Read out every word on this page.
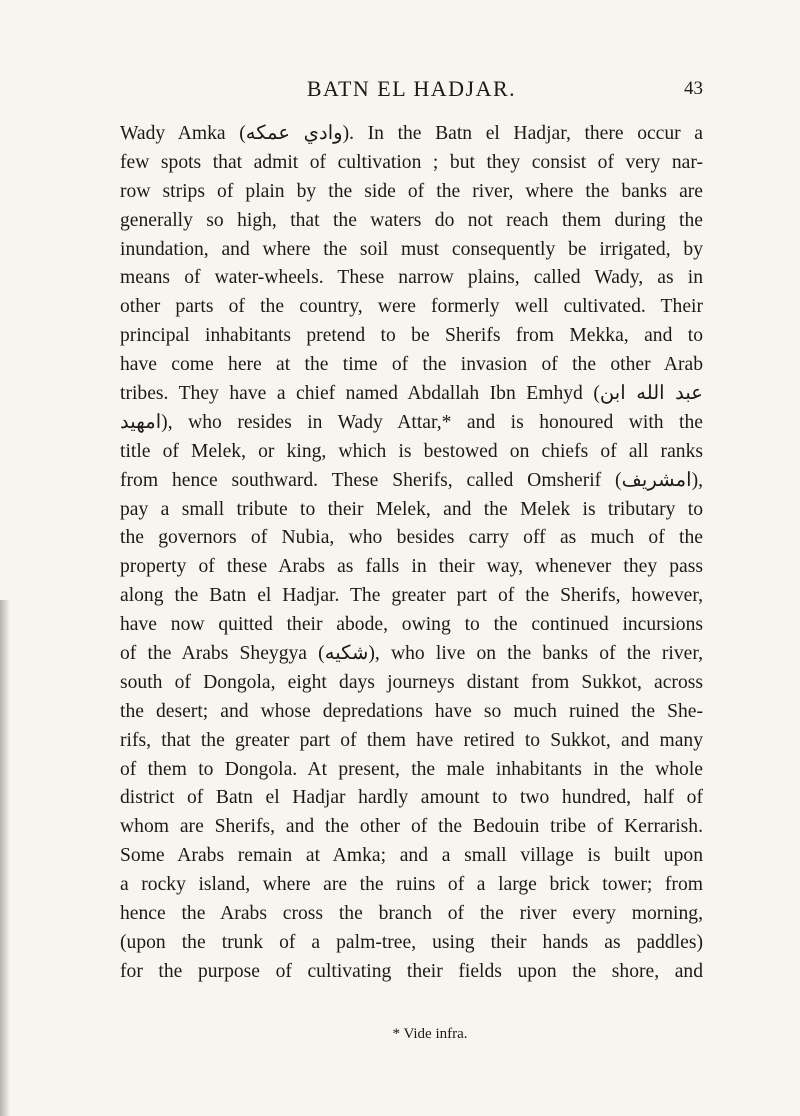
BATN EL HADJAR.	43
Wady Amka (وادي عمكه). In the Batn el Hadjar, there occur a
few spots that admit of cultivation ; but they consist of very nar-
row strips of plain by the side of the river, where the banks are
generally so high, that the waters do not reach them during the
inundation, and where the soil must consequently be irrigated, by
means of water-wheels. These narrow plains, called Wady, as in
other parts of the country, were formerly well cultivated. Their
principal inhabitants pretend to be Sherifs from Mekka, and to
have come here at the time of the invasion of the other Arab
tribes. They have a chief named Abdallah Ibn Emhyd (عبد الله ابن
امهيد), who resides in Wady Attar,* and is honoured with the
title of Melek, or king, which is bestowed on chiefs of all ranks
from hence southward. These Sherifs, called Omsherif (امشريف),
pay a small tribute to their Melek, and the Melek is tributary to
the governors of Nubia, who besides carry off as much of the
property of these Arabs as falls in their way, whenever they pass
along the Batn el Hadjar. The greater part of the Sherifs, however,
have now quitted their abode, owing to the continued incursions
of the Arabs Sheygya (شكيه), who live on the banks of the river,
south of Dongola, eight days journeys distant from Sukkot, across
the desert; and whose depredations have so much ruined the She-
rifs, that the greater part of them have retired to Sukkot, and many
of them to Dongola. At present, the male inhabitants in the whole
district of Batn el Hadjar hardly amount to two hundred, half of
whom are Sherifs, and the other of the Bedouin tribe of Kerrarish.
Some Arabs remain at Amka; and a small village is built upon
a rocky island, where are the ruins of a large brick tower; from
hence the Arabs cross the branch of the river every morning,
(upon the trunk of a palm-tree, using their hands as paddles)
for the purpose of cultivating their fields upon the shore, and
* Vide infra.
